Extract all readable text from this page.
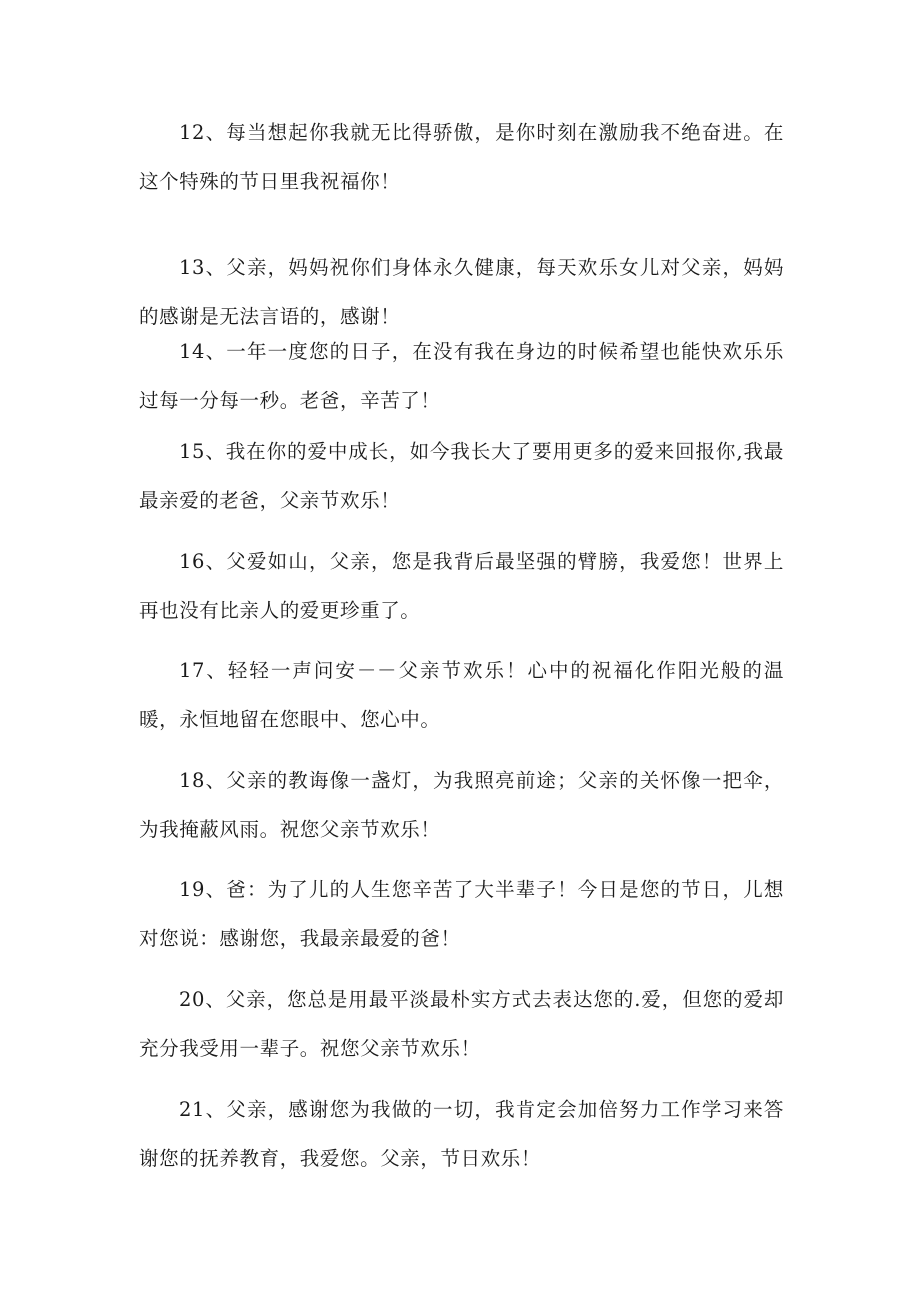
12、每当想起你我就无比得骄傲，是你时刻在激励我不绝奋进。在这个特殊的节日里我祝福你！

13、父亲，妈妈祝你们身体永久健康，每天欢乐女儿对父亲，妈妈的感谢是无法言语的，感谢！

14、一年一度您的日子，在没有我在身边的时候希望也能快欢乐乐过每一分每一秒。老爸，辛苦了！

15、我在你的爱中成长，如今我长大了要用更多的爱来回报你,我最最亲爱的老爸，父亲节欢乐！

16、父爱如山，父亲，您是我背后最坚强的臂膀，我爱您！世界上再也没有比亲人的爱更珍重了。

17、轻轻一声问安－－父亲节欢乐！心中的祝福化作阳光般的温暖，永恒地留在您眼中、您心中。

18、父亲的教诲像一盏灯，为我照亮前途；父亲的关怀像一把伞，为我掩蔽风雨。祝您父亲节欢乐！

19、爸：为了儿的人生您辛苦了大半辈子！今日是您的节日，儿想对您说：感谢您，我最亲最爱的爸！

20、父亲，您总是用最平淡最朴实方式去表达您的.爱，但您的爱却充分我受用一辈子。祝您父亲节欢乐！

21、父亲，感谢您为我做的一切，我肯定会加倍努力工作学习来答谢您的抚养教育，我爱您。父亲，节日欢乐！
